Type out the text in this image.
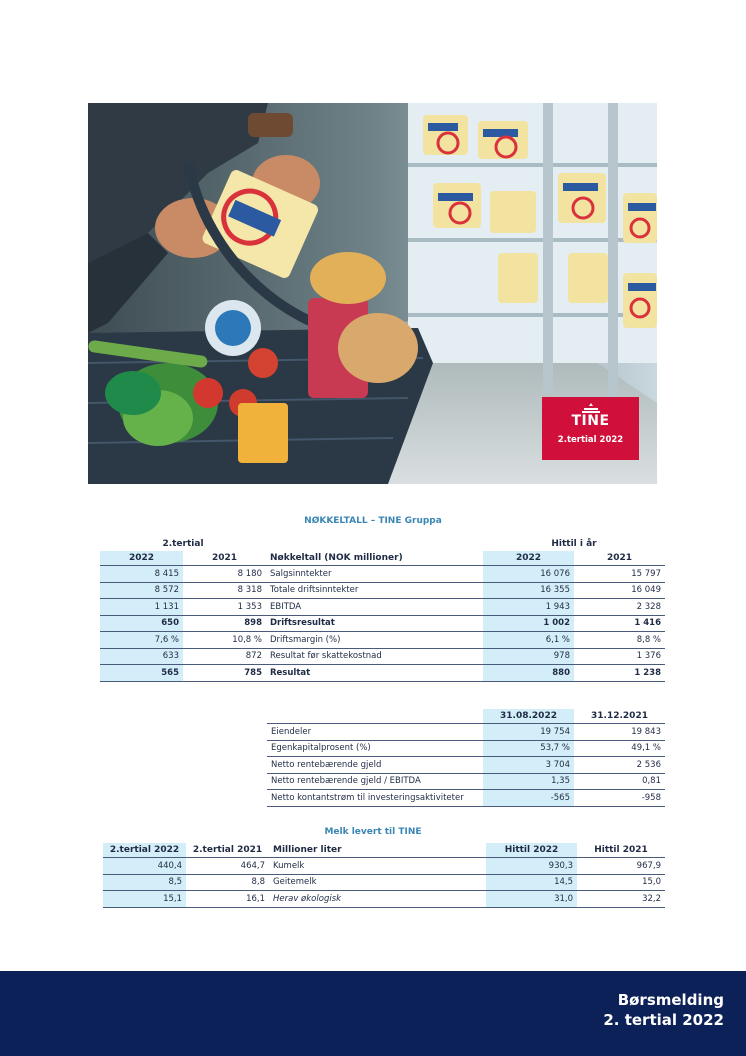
TINE
2.tertial 2022
NØKKELTALL – TINE Gruppa
2.tertial			Hittil i år	
2022	2021	Nøkkeltall (NOK millioner)	2022	2021
8 415	8 180	Salgsinntekter	16 076	15 797
8 572	8 318	Totale driftsinntekter	16 355	16 049
1 131	1 353	EBITDA	1 943	2 328
650	898	Driftsresultat	1 002	1 416
7,6 %	10,8 %	Driftsmargin (%)	6,1 %	8,8 %
633	872	Resultat før skattekostnad	978	1 376
565	785	Resultat	880	1 238
	31.08.2022	31.12.2021
Eiendeler	19 754	19 843
Egenkapitalprosent (%)	53,7 %	49,1 %
Netto rentebærende gjeld	3 704	2 536
Netto rentebærende gjeld / EBITDA	1,35	0,81
Netto kontantstrøm til investeringsaktiviteter	-565	-958
Melk levert til TINE
2.tertial 2022	2.tertial 2021	Millioner liter	Hittil 2022	Hittil 2021
440,4	464,7	Kumelk	930,3	967,9
8,5	8,8	Geitemelk	14,5	15,0
15,1	16,1	Herav økologisk	31,0	32,2
Børsmelding
2. tertial 2022
